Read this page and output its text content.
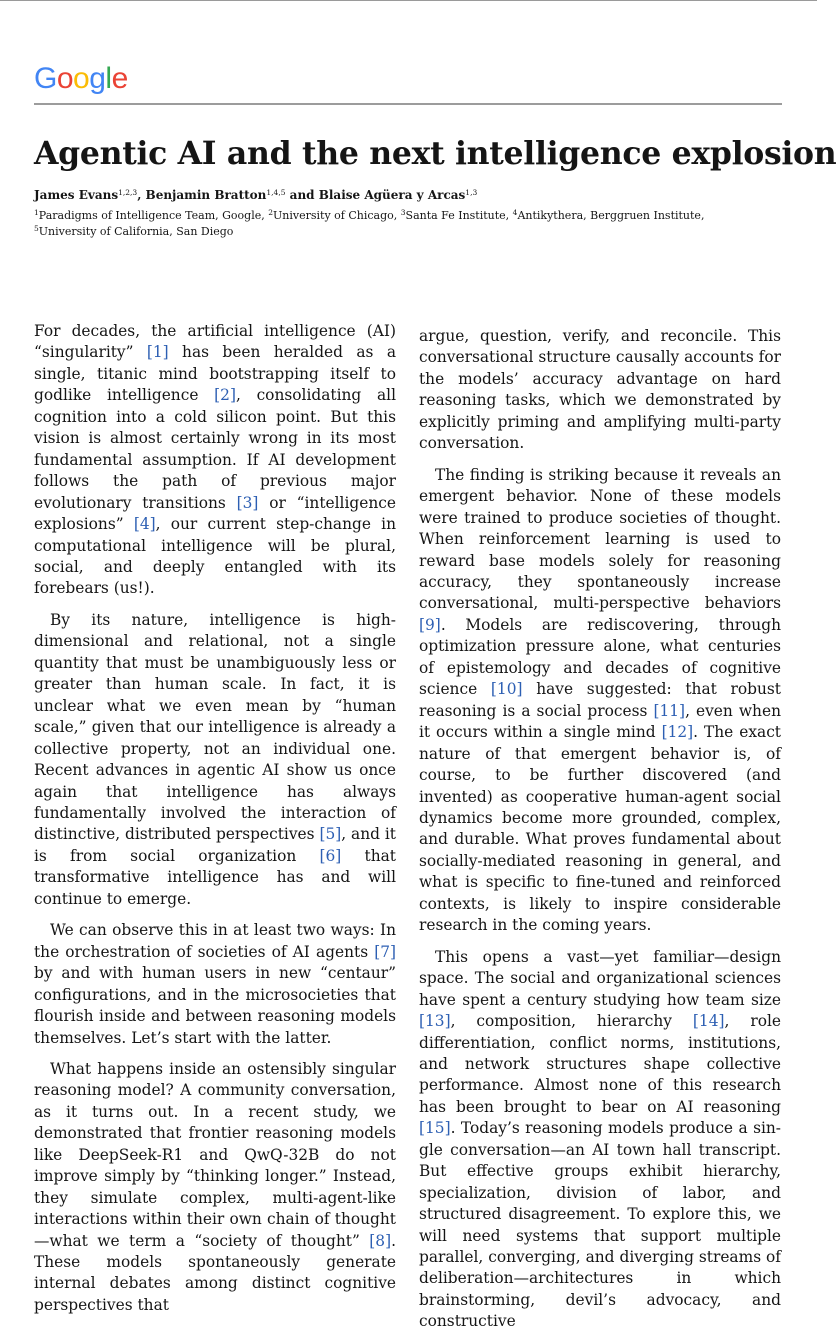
Google
Agentic AI and the next intelligence explosion

James Evans$^{1,2,3}$, Benjamin Bratton$^{1,4,5}$ and Blaise Agüera y Arcas$^{1,3}$

$^1$Paradigms of Intelligence Team, Google, $^2$University of Chicago, $^3$Santa Fe Institute, $^4$Antikythera, Berggruen Institute, $^5$University of California, San Diego

For decades, the artificial intelligence (AI) “singularity” [1] has been heralded as a single, titanic mind bootstrapping itself to godlike intelligence [2], consolidating all cognition into a cold silicon point. But this vision is almost certainly wrong in its most fundamental assumption. If AI development follows the path of previous major evolutionary transitions [3] or “intelligence explosions” [4], our current step-change in computational intelligence will be plural, social, and deeply entangled with its forebears (us!).

By its nature, intelligence is high-dimensional and relational, not a single quantity that must be unambiguously less or greater than human scale. In fact, it is unclear what we even mean by “human scale,” given that our intelligence is already a collective property, not an individual one. Recent advances in agentic AI show us once again that intelligence has always fundamentally involved the interaction of distinctive, distributed perspectives [5], and it is from social organization [6] that transformative intelligence has and will continue to emerge.

We can observe this in at least two ways: In the orchestration of societies of AI agents [7] by and with human users in new “centaur” configurations, and in the microsocieties that flourish inside and between reasoning models themselves. Let’s start with the latter.

What happens inside an ostensibly singular reasoning model? A community conversation, as it turns out. In a recent study, we demonstrated that frontier reasoning models like DeepSeek-R1 and QwQ-32B do not improve simply by “thinking longer.” Instead, they simulate complex, multi-agent-like interactions within their own chain of thought—what we term a “society of thought” [8]. These models spontaneously generate internal debates among distinct cognitive perspectives that

argue, question, verify, and reconcile. This conversational structure causally accounts for the models’ accuracy advantage on hard reasoning tasks, which we demonstrated by explicitly priming and amplifying multi-party conversation.

The finding is striking because it reveals an emergent behavior. None of these models were trained to produce societies of thought. When reinforcement learning is used to reward base models solely for reasoning accuracy, they spontaneously increase conversational, multi-perspective behaviors [9]. Models are rediscovering, through optimization pressure alone, what centuries of epistemology and decades of cognitive science [10] have suggested: that robust reasoning is a social process [11], even when it occurs within a single mind [12]. The exact nature of that emergent behavior is, of course, to be further discovered (and invented) as cooperative human-agent social dynamics become more grounded, complex, and durable. What proves fundamental about socially-mediated reasoning in general, and what is specific to fine-tuned and reinforced contexts, is likely to inspire considerable research in the coming years.

This opens a vast—yet familiar—design space. The social and organizational sciences have spent a century studying how team size [13], composition, hierarchy [14], role differentiation, conflict norms, institutions, and network structures shape collective performance. Almost none of this research has been brought to bear on AI reasoning [15]. Today’s reasoning models produce a single conversation—an AI town hall transcript. But effective groups exhibit hierarchy, specialization, division of labor, and structured disagreement. To explore this, we will need systems that support multiple parallel, converging, and diverging streams of deliberation—architectures in which brainstorming, devil’s advocacy, and constructive
